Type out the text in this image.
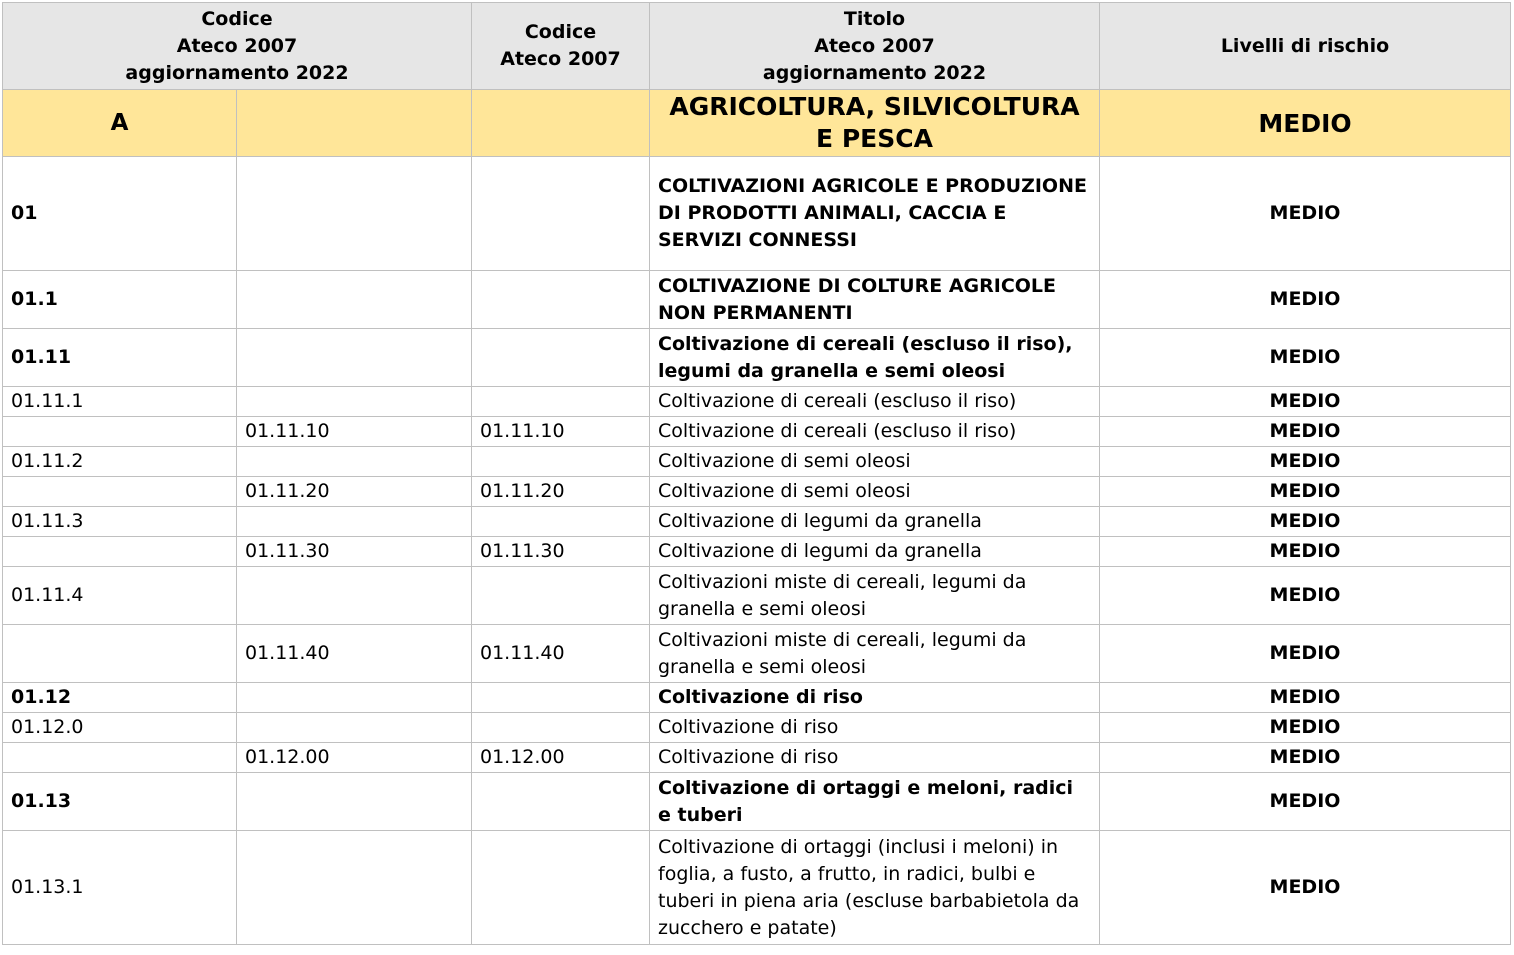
Codice
Ateco 2007
aggiornamento 2022		Codice
Ateco 2007	Titolo
Ateco 2007
aggiornamento 2022	Livelli di rischio
A			AGRICOLTURA, SILVICOLTURA E PESCA	MEDIO
01			COLTIVAZIONI AGRICOLE E PRODUZIONE DI PRODOTTI ANIMALI, CACCIA E SERVIZI CONNESSI	MEDIO
01.1			COLTIVAZIONE DI COLTURE AGRICOLE NON PERMANENTI	MEDIO
01.11			Coltivazione di cereali (escluso il riso), legumi da granella e semi oleosi	MEDIO
01.11.1			Coltivazione di cereali (escluso il riso)	MEDIO
	01.11.10	01.11.10	Coltivazione di cereali (escluso il riso)	MEDIO
01.11.2			Coltivazione di semi oleosi	MEDIO
	01.11.20	01.11.20	Coltivazione di semi oleosi	MEDIO
01.11.3			Coltivazione di legumi da granella	MEDIO
	01.11.30	01.11.30	Coltivazione di legumi da granella	MEDIO
01.11.4			Coltivazioni miste di cereali, legumi da granella e semi oleosi	MEDIO
	01.11.40	01.11.40	Coltivazioni miste di cereali, legumi da granella e semi oleosi	MEDIO
01.12			Coltivazione di riso	MEDIO
01.12.0			Coltivazione di riso	MEDIO
	01.12.00	01.12.00	Coltivazione di riso	MEDIO
01.13			Coltivazione di ortaggi e meloni, radici e tuberi	MEDIO
01.13.1			Coltivazione di ortaggi (inclusi i meloni) in foglia, a fusto, a frutto, in radici, bulbi e tuberi in piena aria (escluse barbabietola da zucchero e patate)	MEDIO
